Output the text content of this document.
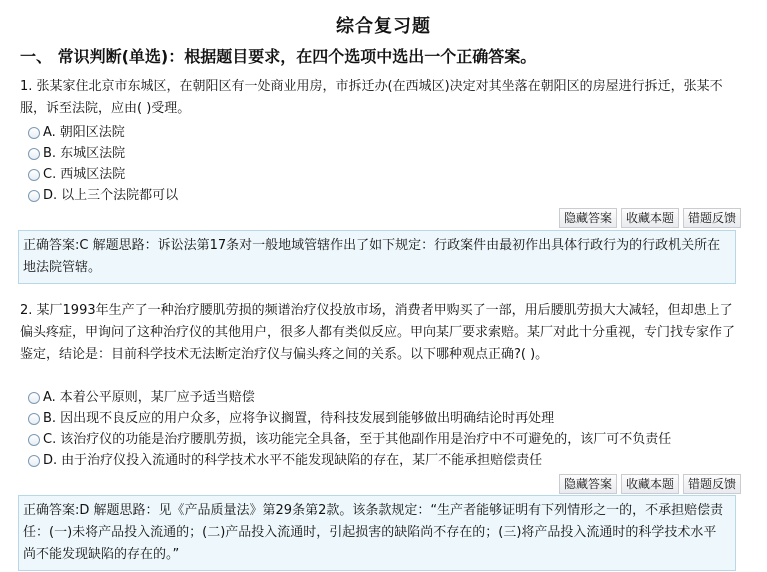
综合复习题
一、 常识判断(单选)：根据题目要求，在四个选项中选出一个正确答案。
1. 张某家住北京市东城区，在朝阳区有一处商业用房，市拆迁办(在西城区)决定对其坐落在朝阳区的房屋进行拆迁，张某不服，诉至法院，应由( )受理。
A. 朝阳区法院
B. 东城区法院
C. 西城区法院
D. 以上三个法院都可以
隐藏答案	收藏本题	错题反馈
正确答案:C 解题思路：诉讼法第17条对一般地域管辖作出了如下规定：行政案件由最初作出具体行政行为的行政机关所在地法院管辖。
2. 某厂1993年生产了一种治疗腰肌劳损的频谱治疗仪投放市场，消费者甲购买了一部，用后腰肌劳损大大减轻，但却患上了偏头疼症，甲询问了这种治疗仪的其他用户，很多人都有类似反应。甲向某厂要求索赔。某厂对此十分重视，专门找专家作了鉴定，结论是：目前科学技术无法断定治疗仪与偏头疼之间的关系。以下哪种观点正确?( )。
A. 本着公平原则，某厂应予适当赔偿
B. 因出现不良反应的用户众多，应将争议搁置，待科技发展到能够做出明确结论时再处理
C. 该治疗仪的功能是治疗腰肌劳损，该功能完全具备，至于其他副作用是治疗中不可避免的，该厂可不负责任
D. 由于治疗仪投入流通时的科学技术水平不能发现缺陷的存在，某厂不能承担赔偿责任
隐藏答案	收藏本题	错题反馈
正确答案:D 解题思路：见《产品质量法》第29条第2款。该条款规定：“生产者能够证明有下列情形之一的，不承担赔偿责任：(一)未将产品投入流通的；(二)产品投入流通时，引起损害的缺陷尚不存在的；(三)将产品投入流通时的科学技术水平尚不能发现缺陷的存在的。”
